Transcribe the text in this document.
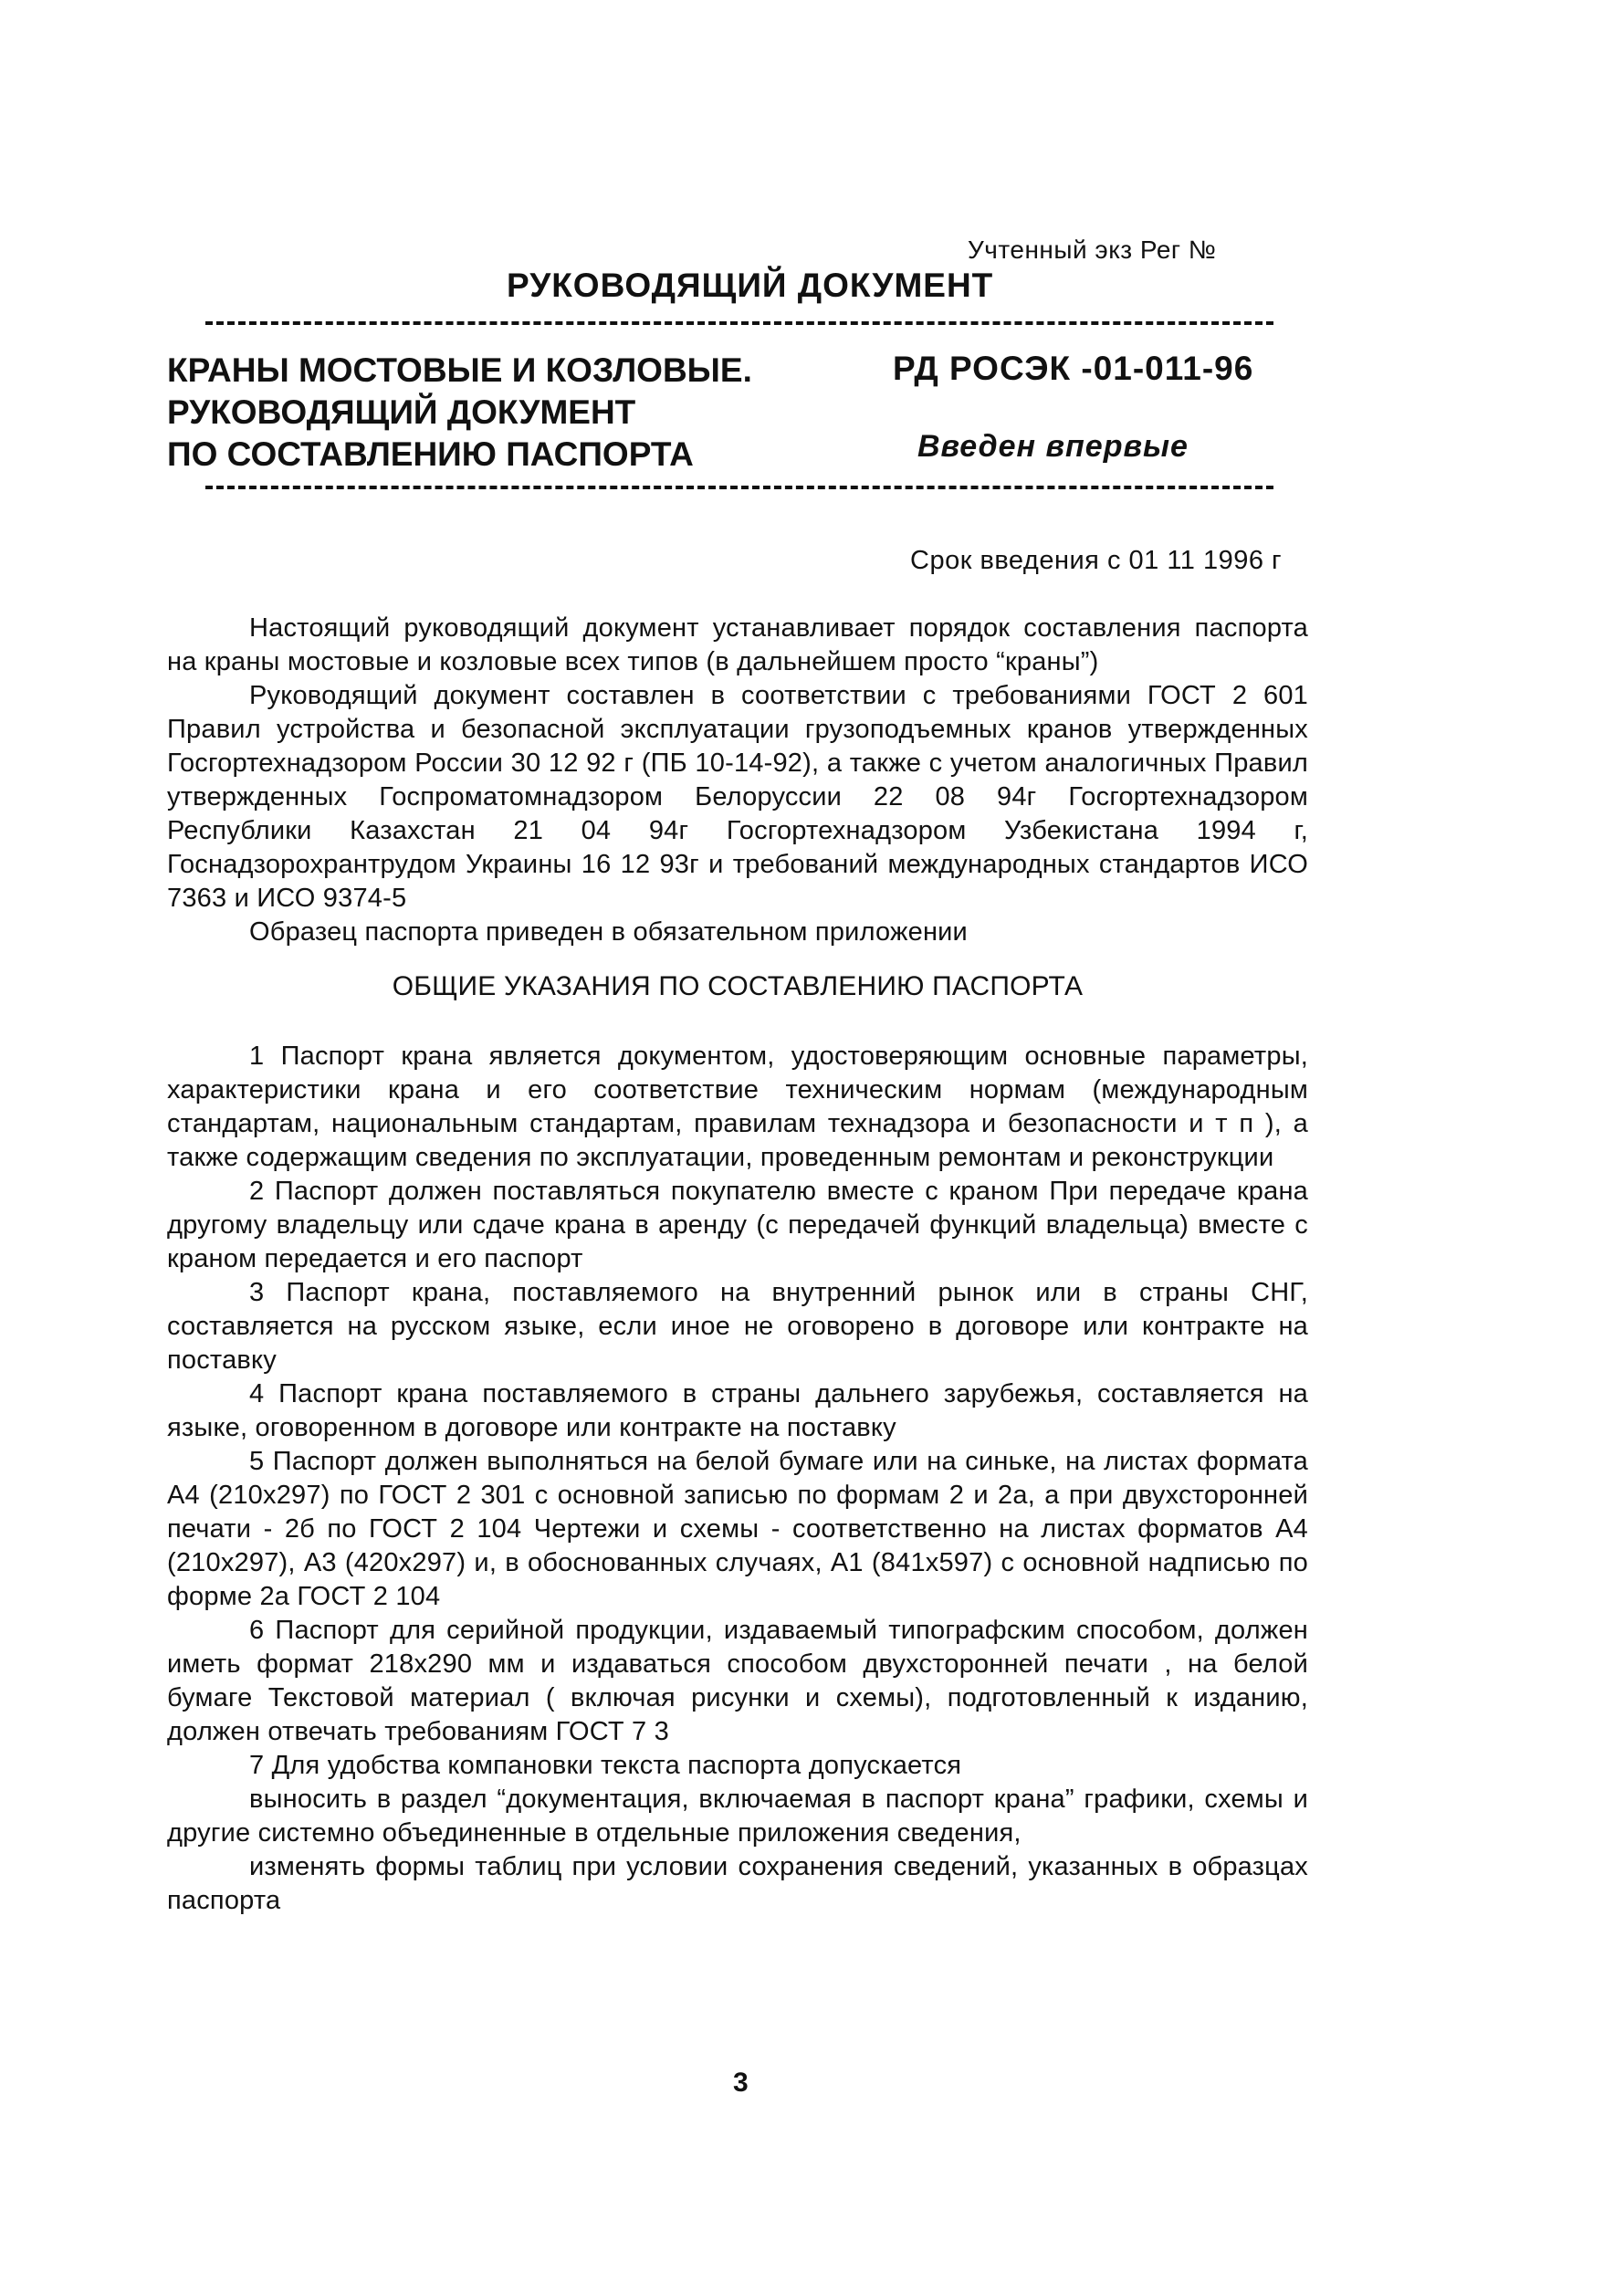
Учтенный экз Рег №
РУКОВОДЯЩИЙ ДОКУМЕНТ
КРАНЫ МОСТОВЫЕ И КОЗЛОВЫЕ.
РУКОВОДЯЩИЙ ДОКУМЕНТ
ПО СОСТАВЛЕНИЮ ПАСПОРТА
РД РОСЭК -01-011-96
Введен впервые
Срок введения с 01 11 1996 г

Настоящий руководящий документ устанавливает порядок составления паспорта на краны мостовые и козловые всех типов (в дальнейшем просто “краны”)

Руководящий документ составлен в соответствии с требованиями ГОСТ 2 601 Правил устройства и безопасной эксплуатации грузоподъемных кранов утвержденных Госгортехнадзором России 30 12 92 г (ПБ 10-14-92), а также с учетом аналогичных Правил утвержденных Госпроматомнадзором Белоруссии 22 08 94г Госгортехнадзором Республики Казахстан 21 04 94г Госгортехнадзором Узбекистана 1994 г, Госнадзорохрантрудом Украины 16 12 93г и требований международных стандартов ИСО 7363 и ИСО 9374-5

Образец паспорта приведен в обязательном приложении

ОБЩИЕ УКАЗАНИЯ ПО СОСТАВЛЕНИЮ ПАСПОРТА

1 Паспорт крана является документом, удостоверяющим основные параметры, характеристики крана и его соответствие техническим нормам (международным стандартам, национальным стандартам, правилам технадзора и безопасности и т п ), а также содержащим сведения по эксплуатации, проведенным ремонтам и реконструкции

2 Паспорт должен поставляться покупателю вместе с краном При передаче крана другому владельцу или сдаче крана в аренду (с передачей функций владельца) вместе с краном передается и его паспорт

3 Паспорт крана, поставляемого на внутренний рынок или в страны СНГ, составляется на русском языке, если иное не оговорено в договоре или контракте на поставку

4 Паспорт крана поставляемого в страны дальнего зарубежья, составляется на языке, оговоренном в договоре или контракте на поставку

5 Паспорт должен выполняться на белой бумаге или на синьке, на листах формата А4 (210x297) по ГОСТ 2 301 с основной записью по формам 2 и 2а, а при двухсторонней печати - 2б по ГОСТ 2 104 Чертежи и схемы - соответственно на листах форматов А4 (210x297), А3 (420x297) и, в обоснованных случаях, А1 (841x597) с основной надписью по форме 2а ГОСТ 2 104

6 Паспорт для серийной продукции, издаваемый типографским способом, должен иметь формат 218x290 мм и издаваться способом двухсторонней печати , на белой бумаге Текстовой материал ( включая рисунки и схемы), подготовленный к изданию, должен отвечать требованиям ГОСТ 7 3

7 Для удобства компановки текста паспорта допускается

выносить в раздел “документация, включаемая в паспорт крана” графики, схемы и другие системно объединенные в отдельные приложения сведения,

изменять формы таблиц при условии сохранения сведений, указанных в образцах паспорта

3
